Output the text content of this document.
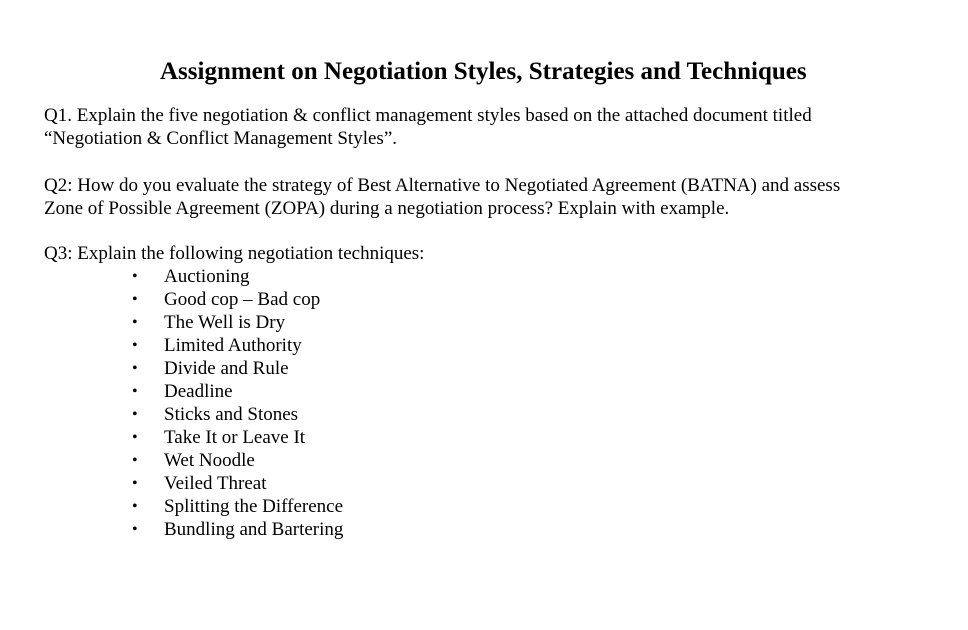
Assignment on Negotiation Styles, Strategies and Techniques
Q1. Explain the five negotiation & conflict management styles based on the attached document titled
“Negotiation & Conflict Management Styles”.
Q2: How do you evaluate the strategy of Best Alternative to Negotiated Agreement (BATNA) and assess
Zone of Possible Agreement (ZOPA) during a negotiation process? Explain with example.
Q3: Explain the following negotiation techniques:
• Auctioning
• Good cop – Bad cop
• The Well is Dry
• Limited Authority
• Divide and Rule
• Deadline
• Sticks and Stones
• Take It or Leave It
• Wet Noodle
• Veiled Threat
• Splitting the Difference
• Bundling and Bartering
